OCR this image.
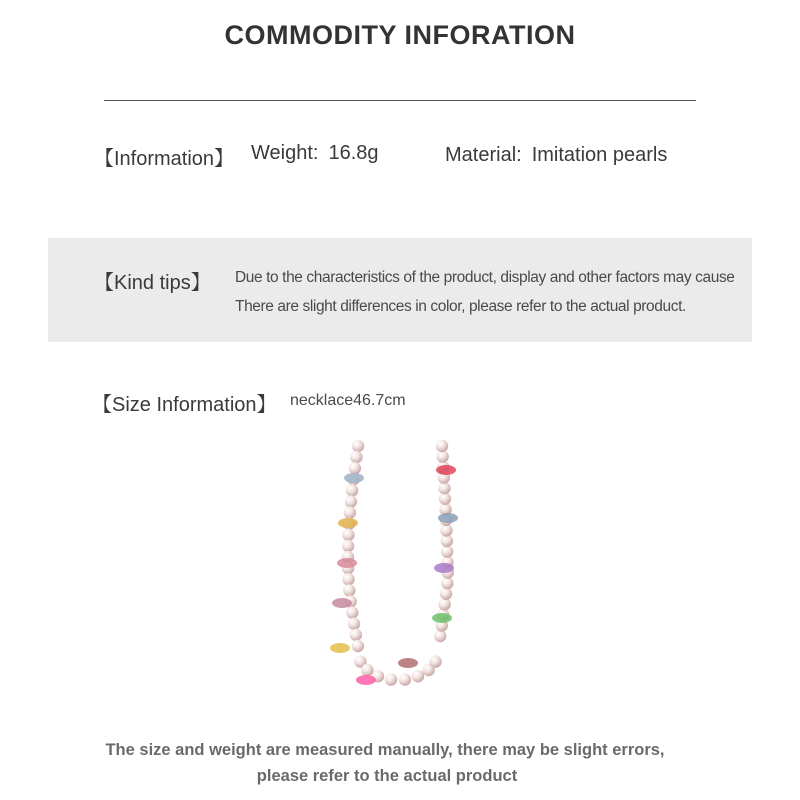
COMMODITY INFORATION
【Information】 Weight: 16.8g	Material: Imitation pearls
【Kind tips】 Due to the characteristics of the product, display and other factors may cause
There are slight differences in color, please refer to the actual product.
【Size Information】 necklace46.7cm
The size and weight are measured manually, there may be slight errors,
please refer to the actual product
